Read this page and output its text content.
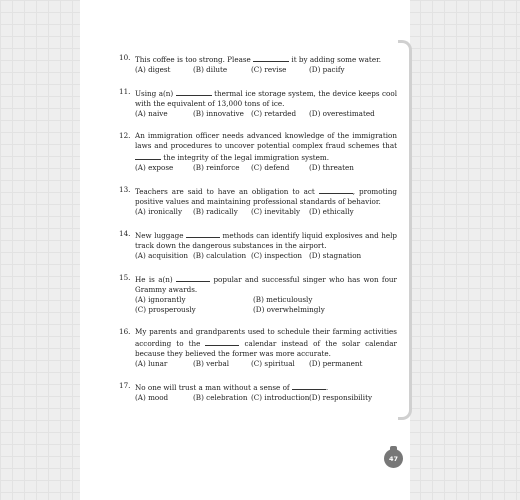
10. This coffee is too strong. Please	it by adding some water.
(A) digest	(B) dilute	(C) revise	(D) pacify
11. Using a(n)	thermal ice storage system, the device keeps cool with the equivalent of 13,000 tons of ice.
(A) naive	(B) innovative (C) retarded	(D) overestimated
12. An immigration officer needs advanced knowledge of the immigration laws and procedures to uncover potential complex fraud schemes that  the integrity of the legal immigration system.
(A) expose	(B) reinforce	(C) defend	(D) threaten
13. Teachers are said to have an obligation to act	, promoting positive values and maintaining professional standards of behavior.
(A) ironically	(B) radically	(C) inevitably	(D) ethically
14. New luggage	methods can identify liquid explosives and help track down the dangerous substances in the airport.
(A) acquisition (B) calculation (C) inspection (D) stagnation
15. He is a(n)	popular and successful singer who has won four Grammy awards.
(A) ignorantly	(B) meticulously
(C) prosperously	(D) overwhelmingly
16. My parents and grandparents used to schedule their farming activities according to the	calendar instead of the solar calendar because they believed the former was more accurate.
(A) lunar	(B) verbal	(C) spiritual	(D) permanent
17. No one will trust a man without a sense of	.
(A) mood	(B) celebration (C) introduction (D) responsibility
47
